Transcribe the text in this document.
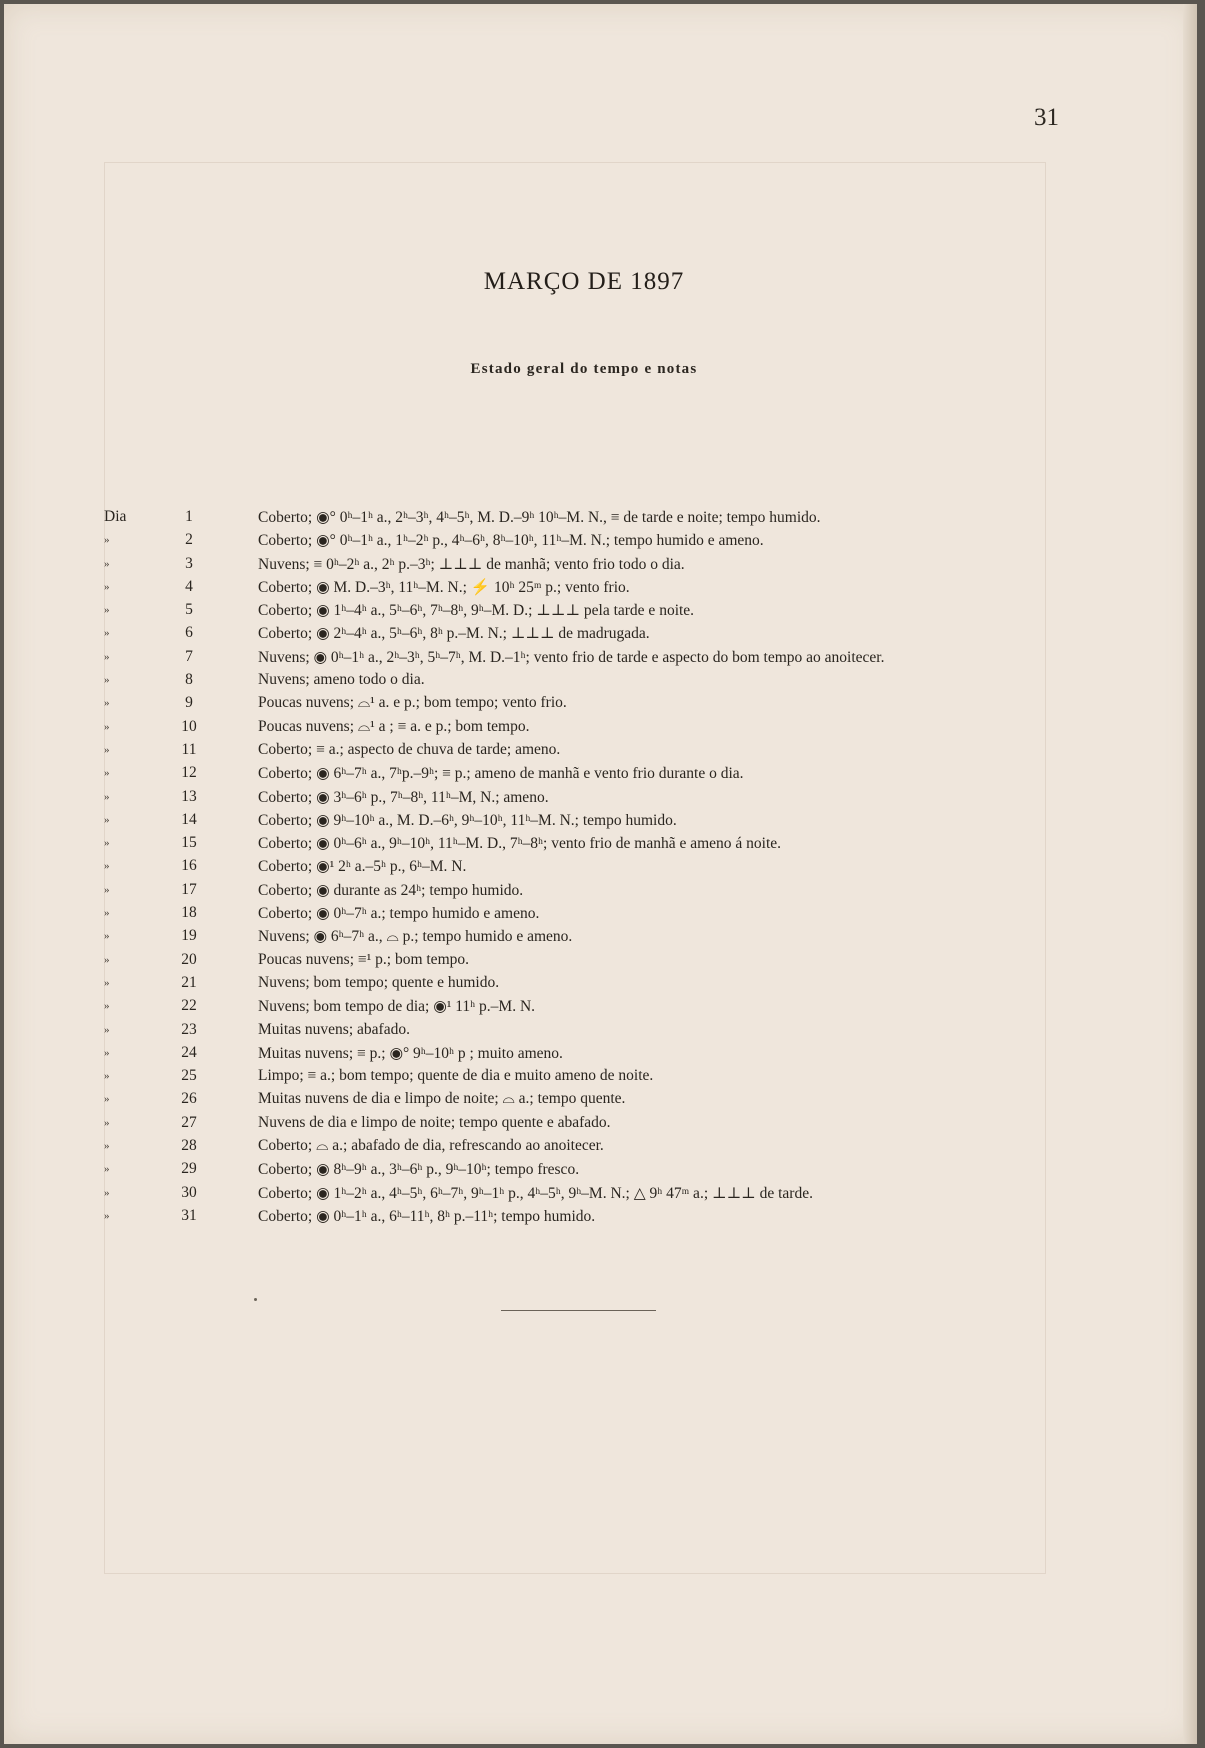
31
MARÇO DE 1897
Estado geral do tempo e notas
Dia	1	Coberto; ◉° 0ʰ–1ʰ a., 2ʰ–3ʰ, 4ʰ–5ʰ, M. D.–9ʰ 10ʰ–M. N., ≡ de tarde e noite; tempo humido.
»	2	Coberto; ◉° 0ʰ–1ʰ a., 1ʰ–2ʰ p., 4ʰ–6ʰ, 8ʰ–10ʰ, 11ʰ–M. N.; tempo humido e ameno.
»	3	Nuvens; ≡ 0ʰ–2ʰ a., 2ʰ p.–3ʰ; ⊥⊥⊥ de manhã; vento frio todo o dia.
»	4	Coberto; ◉ M. D.–3ʰ, 11ʰ–M. N.; ⚡ 10ʰ 25ᵐ p.; vento frio.
»	5	Coberto; ◉ 1ʰ–4ʰ a., 5ʰ–6ʰ, 7ʰ–8ʰ, 9ʰ–M. D.; ⊥⊥⊥ pela tarde e noite.
»	6	Coberto; ◉ 2ʰ–4ʰ a., 5ʰ–6ʰ, 8ʰ p.–M. N.; ⊥⊥⊥ de madrugada.
»	7	Nuvens; ◉ 0ʰ–1ʰ a., 2ʰ–3ʰ, 5ʰ–7ʰ, M. D.–1ʰ; vento frio de tarde e aspecto do bom tempo ao anoitecer.
»	8	Nuvens; ameno todo o dia.
»	9	Poucas nuvens; ⌓¹ a. e p.; bom tempo; vento frio.
»	10	Poucas nuvens; ⌓¹ a ; ≡ a. e p.; bom tempo.
»	11	Coberto; ≡ a.; aspecto de chuva de tarde; ameno.
»	12	Coberto; ◉ 6ʰ–7ʰ a., 7ʰp.–9ʰ; ≡ p.; ameno de manhã e vento frio durante o dia.
»	13	Coberto; ◉ 3ʰ–6ʰ p., 7ʰ–8ʰ, 11ʰ–M, N.; ameno.
»	14	Coberto; ◉ 9ʰ–10ʰ a., M. D.–6ʰ, 9ʰ–10ʰ, 11ʰ–M. N.; tempo humido.
»	15	Coberto; ◉ 0ʰ–6ʰ a., 9ʰ–10ʰ, 11ʰ–M. D., 7ʰ–8ʰ; vento frio de manhã e ameno á noite.
»	16	Coberto; ◉¹ 2ʰ a.–5ʰ p., 6ʰ–M. N.
»	17	Coberto; ◉ durante as 24ʰ; tempo humido.
»	18	Coberto; ◉ 0ʰ–7ʰ a.; tempo humido e ameno.
»	19	Nuvens; ◉ 6ʰ–7ʰ a., ⌓ p.; tempo humido e ameno.
»	20	Poucas nuvens; ≡¹ p.; bom tempo.
»	21	Nuvens; bom tempo; quente e humido.
»	22	Nuvens; bom tempo de dia; ◉¹ 11ʰ p.–M. N.
»	23	Muitas nuvens; abafado.
»	24	Muitas nuvens; ≡ p.; ◉° 9ʰ–10ʰ p ; muito ameno.
»	25	Limpo; ≡ a.; bom tempo; quente de dia e muito ameno de noite.
»	26	Muitas nuvens de dia e limpo de noite; ⌓ a.; tempo quente.
»	27	Nuvens de dia e limpo de noite; tempo quente e abafado.
»	28	Coberto; ⌓ a.; abafado de dia, refrescando ao anoitecer.
»	29	Coberto; ◉ 8ʰ–9ʰ a., 3ʰ–6ʰ p., 9ʰ–10ʰ; tempo fresco.
»	30	Coberto; ◉ 1ʰ–2ʰ a., 4ʰ–5ʰ, 6ʰ–7ʰ, 9ʰ–1ʰ p., 4ʰ–5ʰ, 9ʰ–M. N.; △ 9ʰ 47ᵐ a.; ⊥⊥⊥ de tarde.
»	31	Coberto; ◉ 0ʰ–1ʰ a., 6ʰ–11ʰ, 8ʰ p.–11ʰ; tempo humido.
